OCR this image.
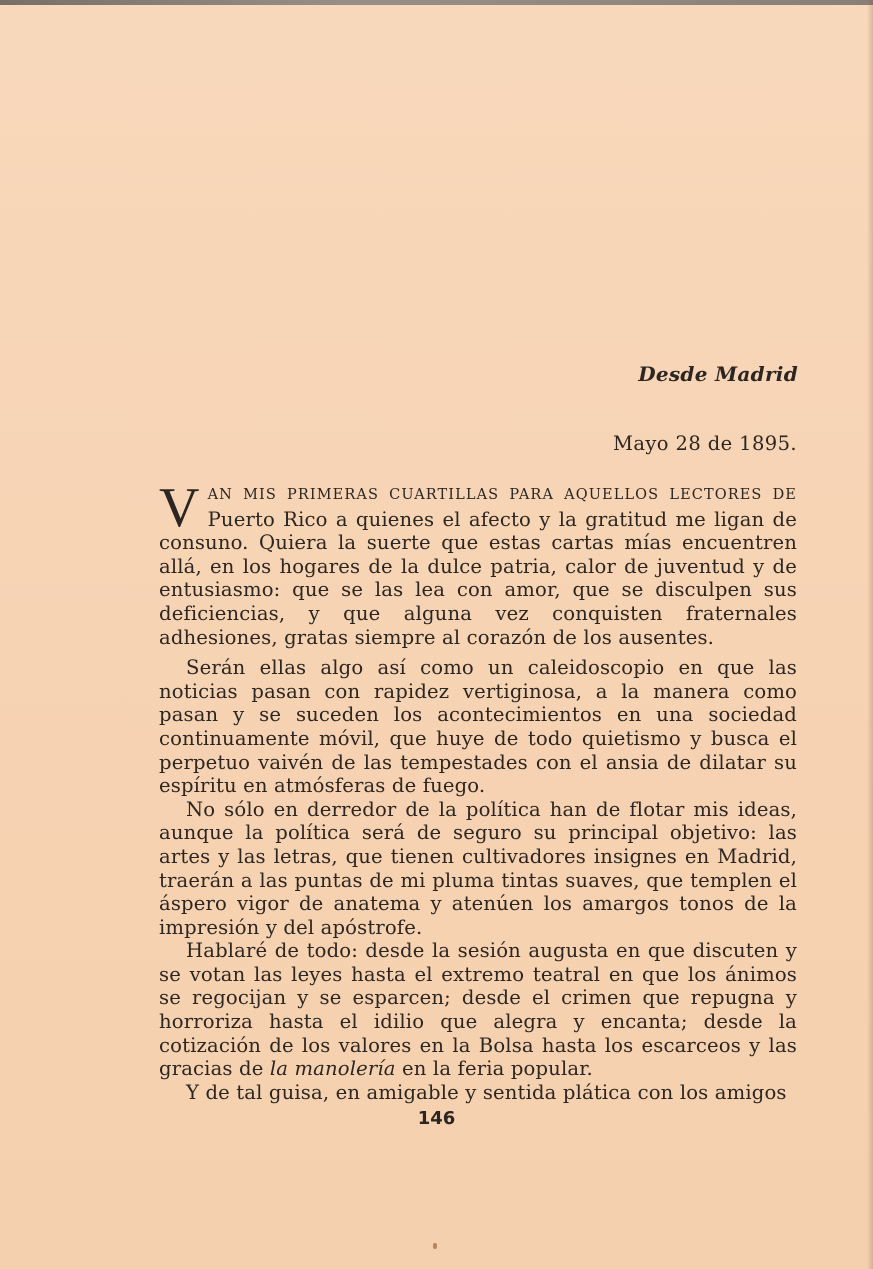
Desde Madrid
Mayo 28 de 1895.

VAN MIS PRIMERAS CUARTILLAS PARA AQUELLOS LECTORES DE Puerto Rico a quienes el afecto y la gratitud me ligan de consuno. Quiera la suerte que estas cartas mías encuentren allá, en los hogares de la dulce patria, calor de juventud y de entusiasmo: que se las lea con amor, que se disculpen sus deficiencias, y que alguna vez conquisten fraternales adhesiones, gratas siempre al corazón de los ausentes.

Serán ellas algo así como un caleidoscopio en que las noticias pasan con rapidez vertiginosa, a la manera como pasan y se suceden los acontecimientos en una sociedad continuamente móvil, que huye de todo quietismo y busca el perpetuo vaivén de las tempestades con el ansia de dilatar su espíritu en atmósferas de fuego.

No sólo en derredor de la política han de flotar mis ideas, aunque la política será de seguro su principal objetivo: las artes y las letras, que tienen cultivadores insignes en Madrid, traerán a las puntas de mi pluma tintas suaves, que templen el áspero vigor de anatema y atenúen los amargos tonos de la impresión y del apóstrofe.

Hablaré de todo: desde la sesión augusta en que discuten y se votan las leyes hasta el extremo teatral en que los ánimos se regocijan y se esparcen; desde el crimen que repugna y horroriza hasta el idilio que alegra y encanta; desde la cotización de los valores en la Bolsa hasta los escarceos y las gracias de la manolería en la feria popular.

Y de tal guisa, en amigable y sentida plática con los amigos

146
